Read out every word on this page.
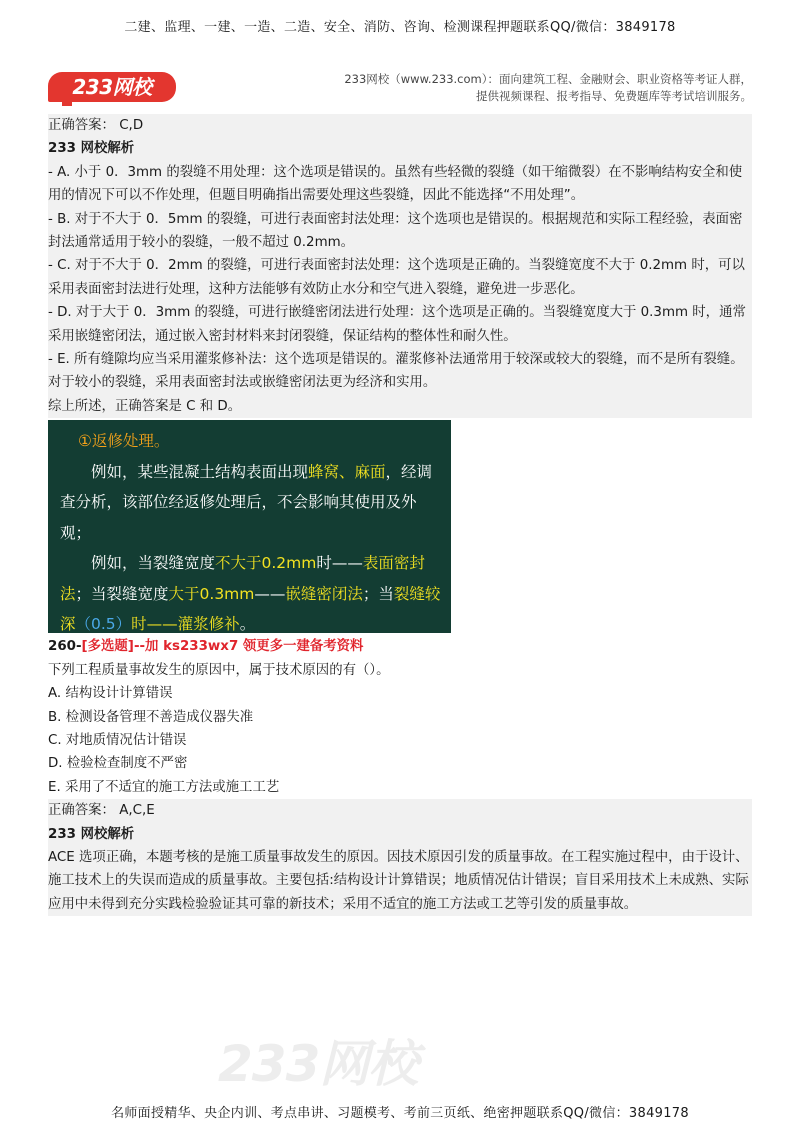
二建、监理、一建、一造、二造、安全、消防、咨询、检测课程押题联系QQ/微信：3849178
233网校	233网校（www.233.com）：面向建筑工程、金融财会、职业资格等考证人群，
提供视频课程、报考指导、免费题库等考试培训服务。
233网校

正确答案： C,D

233 网校解析

- A. 小于 0．3mm 的裂缝不用处理：这个选项是错误的。虽然有些轻微的裂缝（如干缩微裂）在不影响结构安全和使用的情况下可以不作处理，但题目明确指出需要处理这些裂缝，因此不能选择“不用处理”。

- B. 对于不大于 0．5mm 的裂缝，可进行表面密封法处理：这个选项也是错误的。根据规范和实际工程经验，表面密封法通常适用于较小的裂缝，一般不超过 0.2mm。

- C. 对于不大于 0．2mm 的裂缝，可进行表面密封法处理：这个选项是正确的。当裂缝宽度不大于 0.2mm 时，可以采用表面密封法进行处理，这种方法能够有效防止水分和空气进入裂缝，避免进一步恶化。

- D. 对于大于 0．3mm 的裂缝，可进行嵌缝密闭法进行处理：这个选项是正确的。当裂缝宽度大于 0.3mm 时，通常采用嵌缝密闭法，通过嵌入密封材料来封闭裂缝，保证结构的整体性和耐久性。

- E. 所有缝隙均应当采用灌浆修补法：这个选项是错误的。灌浆修补法通常用于较深或较大的裂缝，而不是所有裂缝。对于较小的裂缝，采用表面密封法或嵌缝密闭法更为经济和实用。

综上所述，正确答案是 C 和 D。

①返修处理。
例如，某些混凝土结构表面出现蜂窝、麻面，经调查分析，该部位经返修处理后，不会影响其使用及外观；
例如，当裂缝宽度不大于0.2mm时——表面密封法；当裂缝宽度大于0.3mm——嵌缝密闭法；当裂缝较深（0.5）时——灌浆修补。

260-[多选题]--加 ks233wx7 领更多一建备考资料

下列工程质量事故发生的原因中，属于技术原因的有（）。

A. 结构设计计算错误

B. 检测设备管理不善造成仪器失准

C. 对地质情况估计错误

D. 检验检查制度不严密

E. 采用了不适宜的施工方法或施工工艺

正确答案： A,C,E

233 网校解析

ACE 选项正确，本题考核的是施工质量事故发生的原因。因技术原因引发的质量事故。在工程实施过程中，由于设计、施工技术上的失误而造成的质量事故。主要包括:结构设计计算错误；地质情况估计错误；盲目采用技术上未成熟、实际应用中未得到充分实践检验验证其可靠的新技术；采用不适宜的施工方法或工艺等引发的质量事故。

名师面授精华、央企内训、考点串讲、习题模考、考前三页纸、绝密押题联系QQ/微信：3849178
